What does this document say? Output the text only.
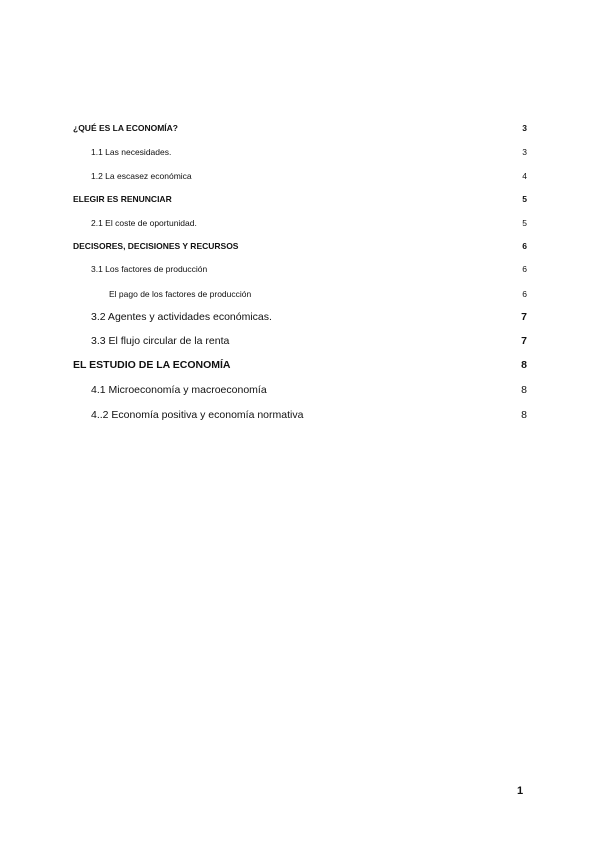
¿QUÉ ES LA ECONOMÍA?	3
1.1 Las necesidades.	3
1.2 La escasez económica	4
ELEGIR ES RENUNCIAR	5
2.1 El coste de oportunidad.	5
DECISORES, DECISIONES Y RECURSOS	6
3.1 Los factores de producción	6
El pago de los factores de producción	6
3.2 Agentes y actividades económicas.	7
3.3 El flujo circular de la renta	7
EL ESTUDIO DE LA ECONOMÍA	8
4.1 Microeconomía y macroeconomía	8
4..2 Economía positiva y economía normativa	8
1
